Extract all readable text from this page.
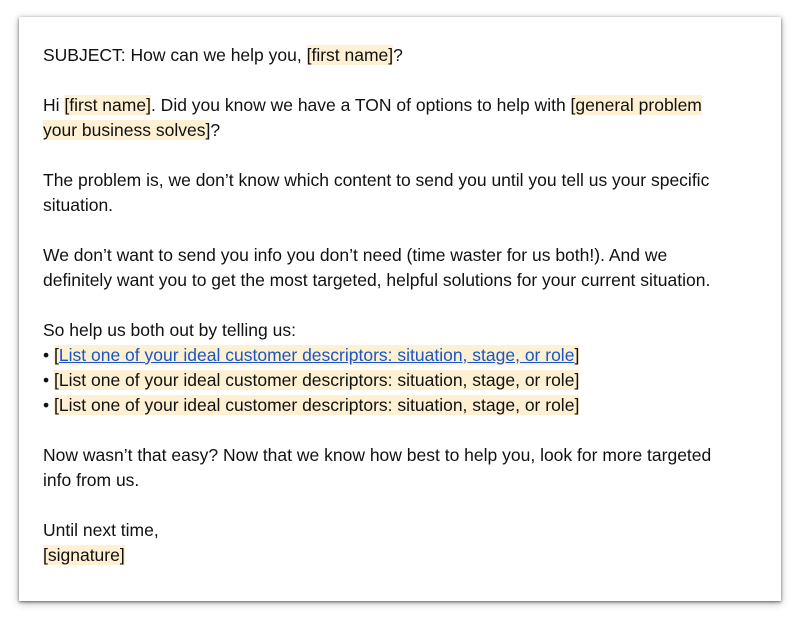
SUBJECT: How can we help you, [first name]?
Hi [first name]. Did you know we have a TON of options to help with [general problem
your business solves]?
The problem is, we don’t know which content to send you until you tell us your specific
situation.
We don’t want to send you info you don’t need (time waster for us both!). And we
definitely want you to get the most targeted, helpful solutions for your current situation.
So help us both out by telling us:
• [List one of your ideal customer descriptors: situation, stage, or role]
• [List one of your ideal customer descriptors: situation, stage, or role]
• [List one of your ideal customer descriptors: situation, stage, or role]
Now wasn’t that easy? Now that we know how best to help you, look for more targeted
info from us.
Until next time,
[signature]
